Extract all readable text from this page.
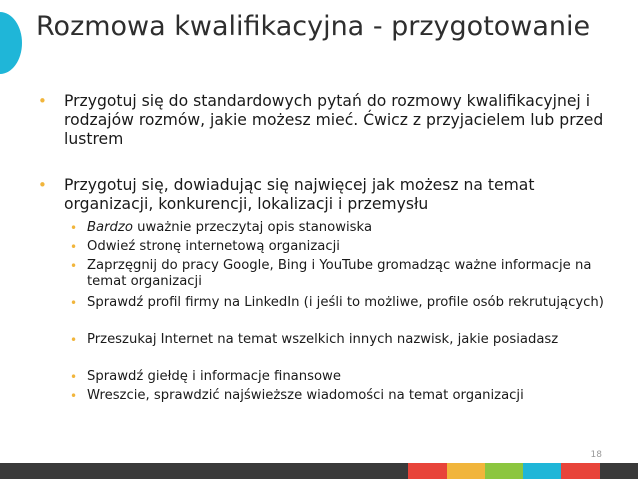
Rozmowa kwalifikacyjna - przygotowanie
• Przygotuj się do standardowych pytań do rozmowy kwalifikacyjnej i rodzajów rozmów, jakie możesz mieć. Ćwicz z przyjacielem lub przed lustrem
• Przygotuj się, dowiadując się najwięcej jak możesz na temat organizacji, konkurencji, lokalizacji i przemysłu
• Bardzo uważnie przeczytaj opis stanowiska
• Odwieź stronę internetową organizacji
• Zaprzęgnij do pracy Google, Bing i YouTube gromadząc ważne informacje na temat organizacji
• Sprawdź profil firmy na LinkedIn (i jeśli to możliwe, profile osób rekrutujących)
• Przeszukaj Internet na temat wszelkich innych nazwisk, jakie posiadasz
• Sprawdź giełdę i informacje finansowe
• Wreszcie, sprawdzić najświeższe wiadomości na temat organizacji
18
